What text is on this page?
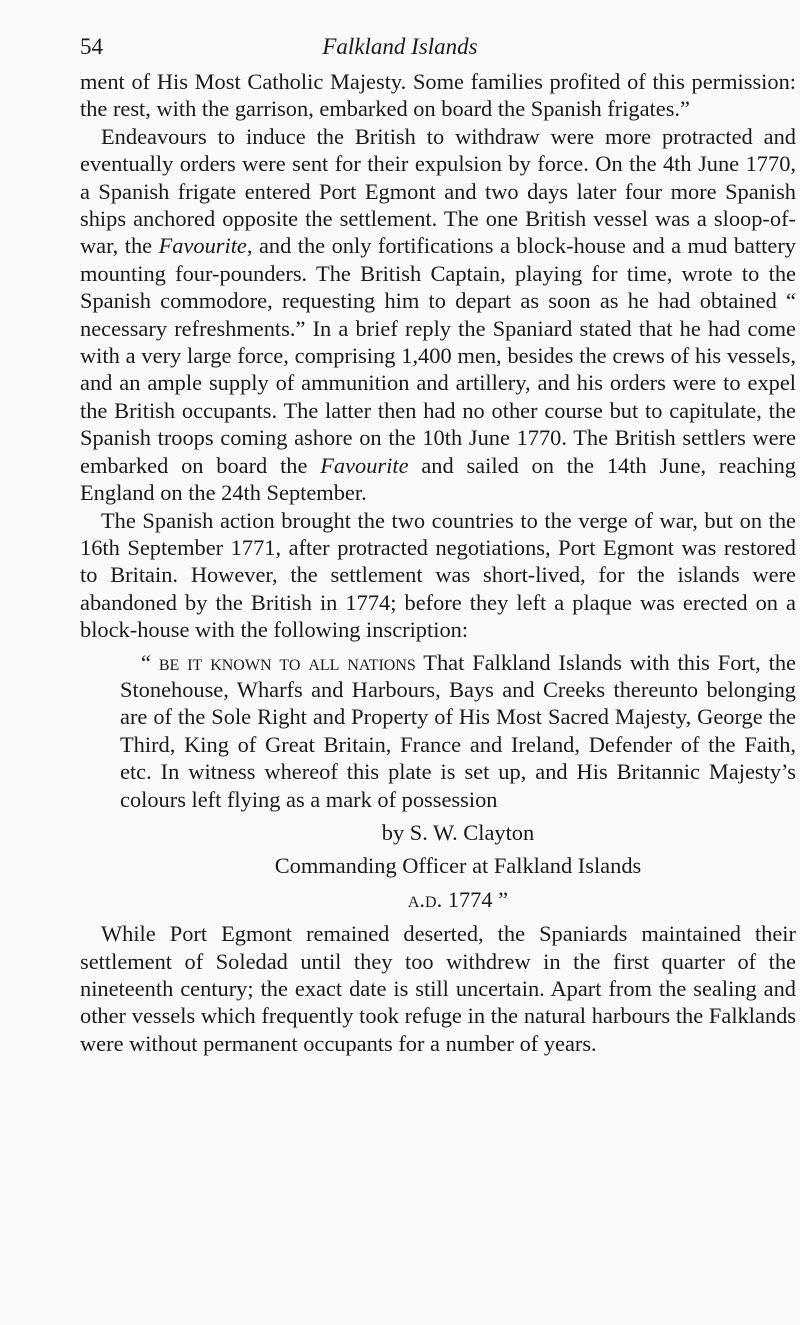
54	Falkland Islands

ment of His Most Catholic Majesty. Some families profited of this permission: the rest, with the garrison, embarked on board the Spanish frigates.”

Endeavours to induce the British to withdraw were more protracted and eventually orders were sent for their expulsion by force. On the 4th June 1770, a Spanish frigate entered Port Egmont and two days later four more Spanish ships anchored opposite the settlement. The one British vessel was a sloop-of-war, the Favourite, and the only fortifications a block-house and a mud battery mounting four-pounders. The British Captain, playing for time, wrote to the Spanish commodore, requesting him to depart as soon as he had obtained “ necessary refreshments.” In a brief reply the Spaniard stated that he had come with a very large force, comprising 1,400 men, besides the crews of his vessels, and an ample supply of ammunition and artillery, and his orders were to expel the British occupants. The latter then had no other course but to capitulate, the Spanish troops coming ashore on the 10th June 1770. The British settlers were embarked on board the Favourite and sailed on the 14th June, reaching England on the 24th September.

The Spanish action brought the two countries to the verge of war, but on the 16th September 1771, after protracted negotiations, Port Egmont was restored to Britain. However, the settlement was short-lived, for the islands were abandoned by the British in 1774; before they left a plaque was erected on a block-house with the following inscription:

“ be it known to all nations That Falkland Islands with this Fort, the Stonehouse, Wharfs and Harbours, Bays and Creeks thereunto belonging are of the Sole Right and Property of His Most Sacred Majesty, George the Third, King of Great Britain, France and Ireland, Defender of the Faith, etc. In witness whereof this plate is set up, and His Britannic Majesty’s colours left flying as a mark of possession

by S. W. Clayton

Commanding Officer at Falkland Islands

a.d. 1774 ”

While Port Egmont remained deserted, the Spaniards maintained their settlement of Soledad until they too withdrew in the first quarter of the nineteenth century; the exact date is still uncertain. Apart from the sealing and other vessels which frequently took refuge in the natural harbours the Falklands were without permanent occupants for a number of years.
